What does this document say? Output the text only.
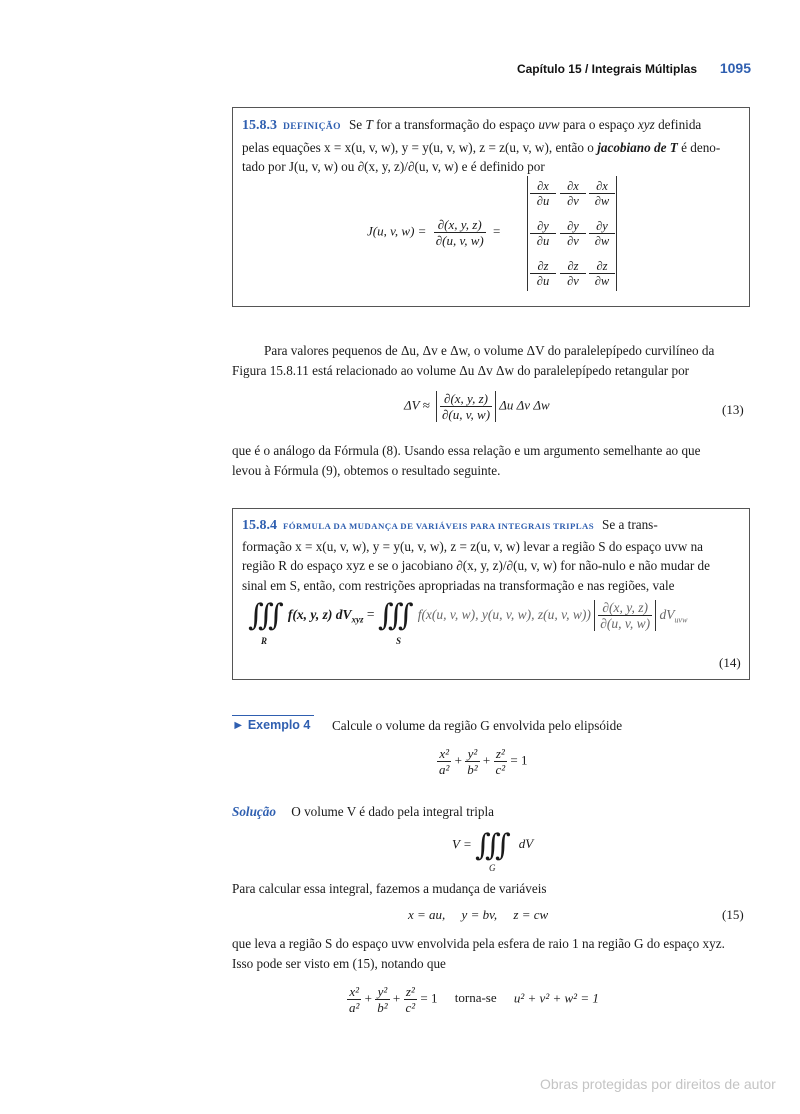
Capítulo 15 / Integrais Múltiplas 1095
15.8.3 DEFINIÇÃO Se T for a transformação do espaço uvw para o espaço xyz definida
pelas equações x = x(u, v, w), y = y(u, v, w), z = z(u, v, w), então o jacobiano de T é deno-
tado por J(u, v, w) ou ∂(x, y, z)/∂(u, v, w) e é definido por
J(u, v, $w) = \frac{\partial(x, y, z)}{\partial(u, v, w)}$ =
$\frac{\partial x}{\partial u} \frac{\partial x}{\partial v} \frac{\partial x}{\partial w}$
$\frac{\partial y}{\partial u} \frac{\partial y}{\partial v} \frac{\partial y}{\partial w}$
$\frac{\partial z}{\partial u} \frac{\partial z}{\partial v} \frac{\partial z}{\partial w}$
Para valores pequenos de Δu, Δv e Δw, o volume ΔV do paralelepípedo curvilíneo da
Figura 15.8.11 está relacionado ao volume Δu Δv Δw do paralelepípedo retangular por
$\Delta V \approx \frac{\partial(x, y, z)}{\partial(u, v, w)}$ Δu Δv Δw	(13)
que é o análogo da Fórmula (8). Usando essa relação e um argumento semelhante ao que
levou à Fórmula (9), obtemos o resultado seguinte.
15.8.4 FÓRMULA DA MUDANÇA DE VARIÁVEIS PARA INTEGRAIS TRIPLAS Se a trans-
formação x = x(u, v, w), y = y(u, v, w), z = z(u, v, w) levar a região S do espaço uvw na
região R do espaço xyz e se o jacobiano ∂(x, y, z)/∂(u, v, w) for não-nulo e não mudar de
sinal em S, então, com restrições apropriadas na transformação e nas regiões, vale
∭ f(x, y, z) $dV_{xyz}$ = ∭ f(x(u, v, w), y(u, v, w), z(u, v, $w)) \frac{\partial(x, y, z)}{\partial(u, v, w)} dV_{uvw}$
R	S
(14)
► Exemplo 4 Calcule o volume da região G envolvida pelo elipsóide
$\frac{\text{x²}}{\text{a²}} + \frac{\text{y²}}{\text{b²}} + \frac{\text{z²}}{\text{c²}} = 1$
Solução O volume V é dado pela integral tripla
V = ∭ dV
G
Para calcular essa integral, fazemos a mudança de variáveis
x = au,     y = bv,     z = cw	(15)
que leva a região S do espaço uvw envolvida pela esfera de raio 1 na região G do espaço xyz.
Isso pode ser visto em (15), notando que
$\frac{\text{x²}}{\text{a²}} + \frac{\text{y²}}{\text{b²}} + \frac{\text{z²}}{\text{c²}} = 1$ torna-se u² + v² + w² = 1
Obras protegidas por direitos de autor
